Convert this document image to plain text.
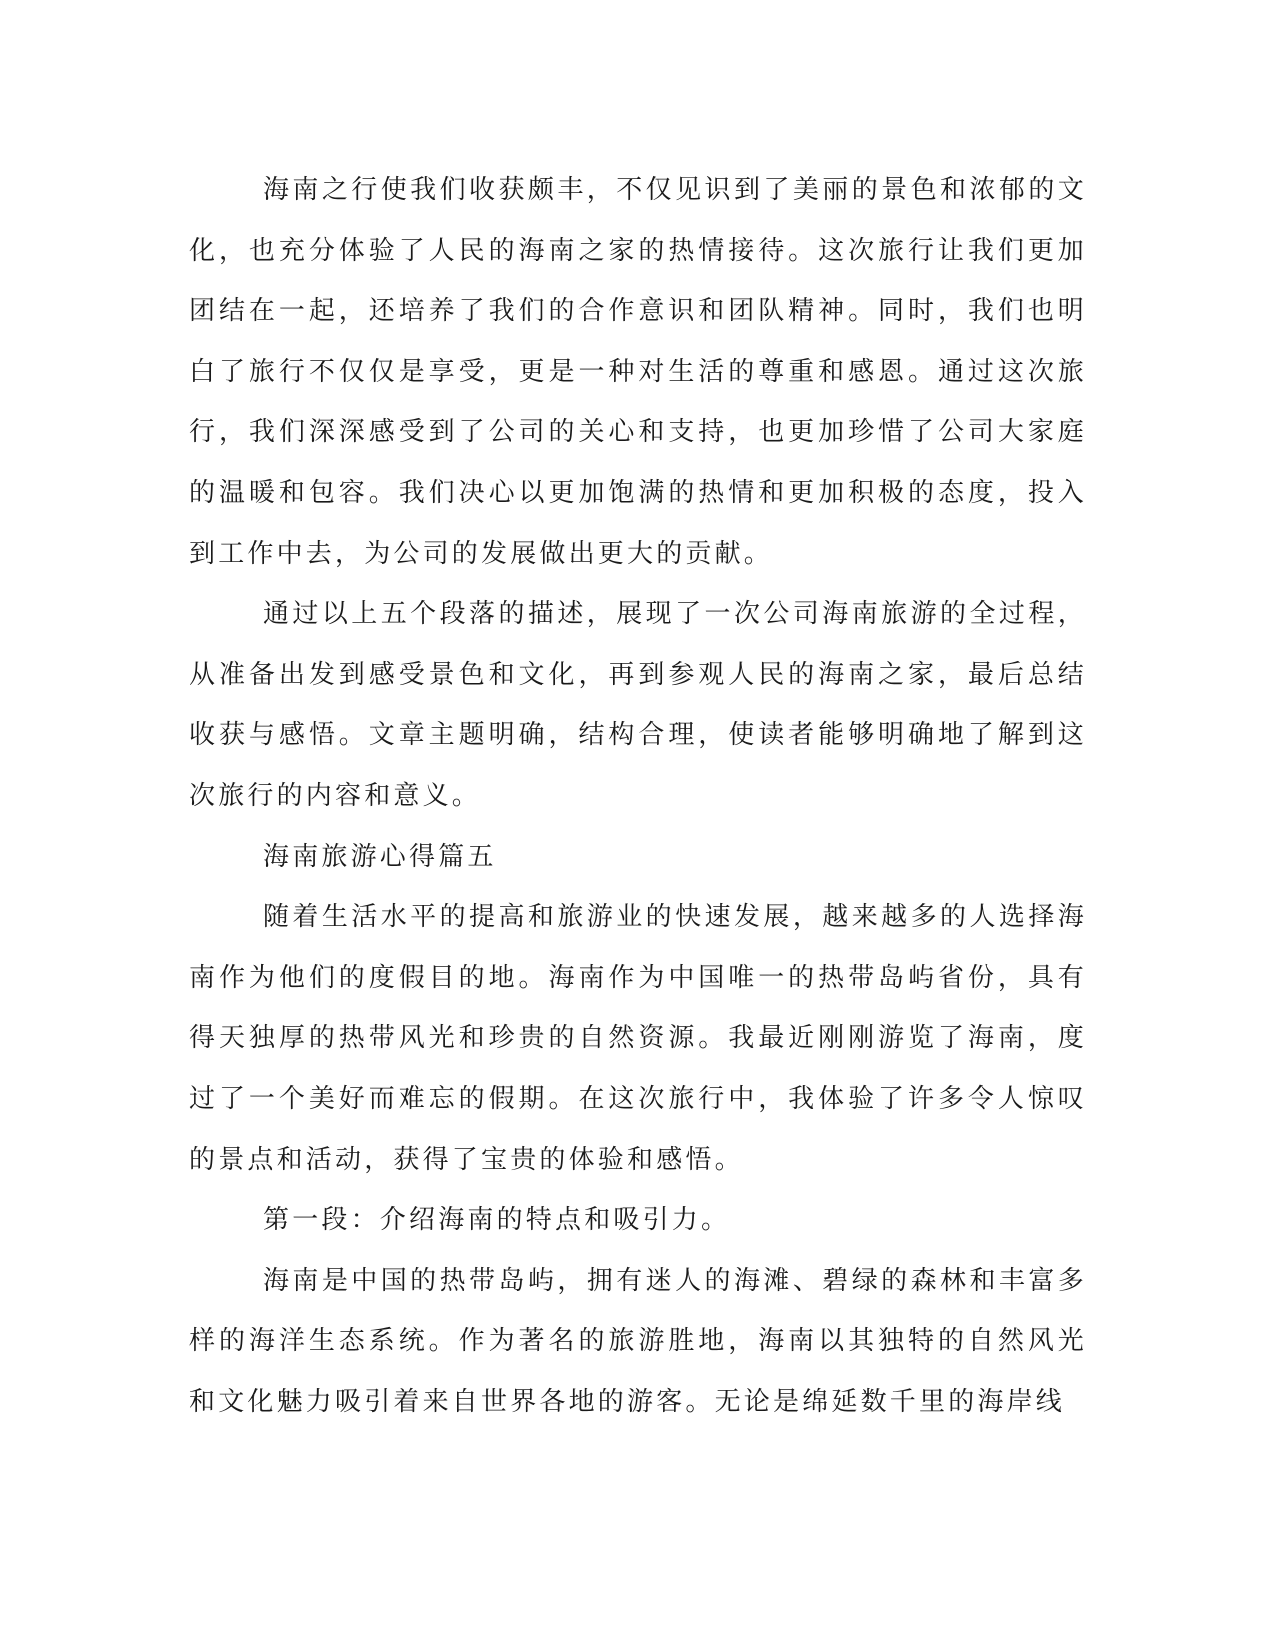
海南之行使我们收获颇丰，不仅见识到了美丽的景色和浓郁的文化，也充分体验了人民的海南之家的热情接待。这次旅行让我们更加团结在一起，还培养了我们的合作意识和团队精神。同时，我们也明白了旅行不仅仅是享受，更是一种对生活的尊重和感恩。通过这次旅行，我们深深感受到了公司的关心和支持，也更加珍惜了公司大家庭的温暖和包容。我们决心以更加饱满的热情和更加积极的态度，投入到工作中去，为公司的发展做出更大的贡献。

通过以上五个段落的描述，展现了一次公司海南旅游的全过程，从准备出发到感受景色和文化，再到参观人民的海南之家，最后总结收获与感悟。文章主题明确，结构合理，使读者能够明确地了解到这次旅行的内容和意义。

海南旅游心得篇五

随着生活水平的提高和旅游业的快速发展，越来越多的人选择海南作为他们的度假目的地。海南作为中国唯一的热带岛屿省份，具有得天独厚的热带风光和珍贵的自然资源。我最近刚刚游览了海南，度过了一个美好而难忘的假期。在这次旅行中，我体验了许多令人惊叹的景点和活动，获得了宝贵的体验和感悟。

第一段：介绍海南的特点和吸引力。

海南是中国的热带岛屿，拥有迷人的海滩、碧绿的森林和丰富多样的海洋生态系统。作为著名的旅游胜地，海南以其独特的自然风光和文化魅力吸引着来自世界各地的游客。无论是绵延数千里的海岸线
